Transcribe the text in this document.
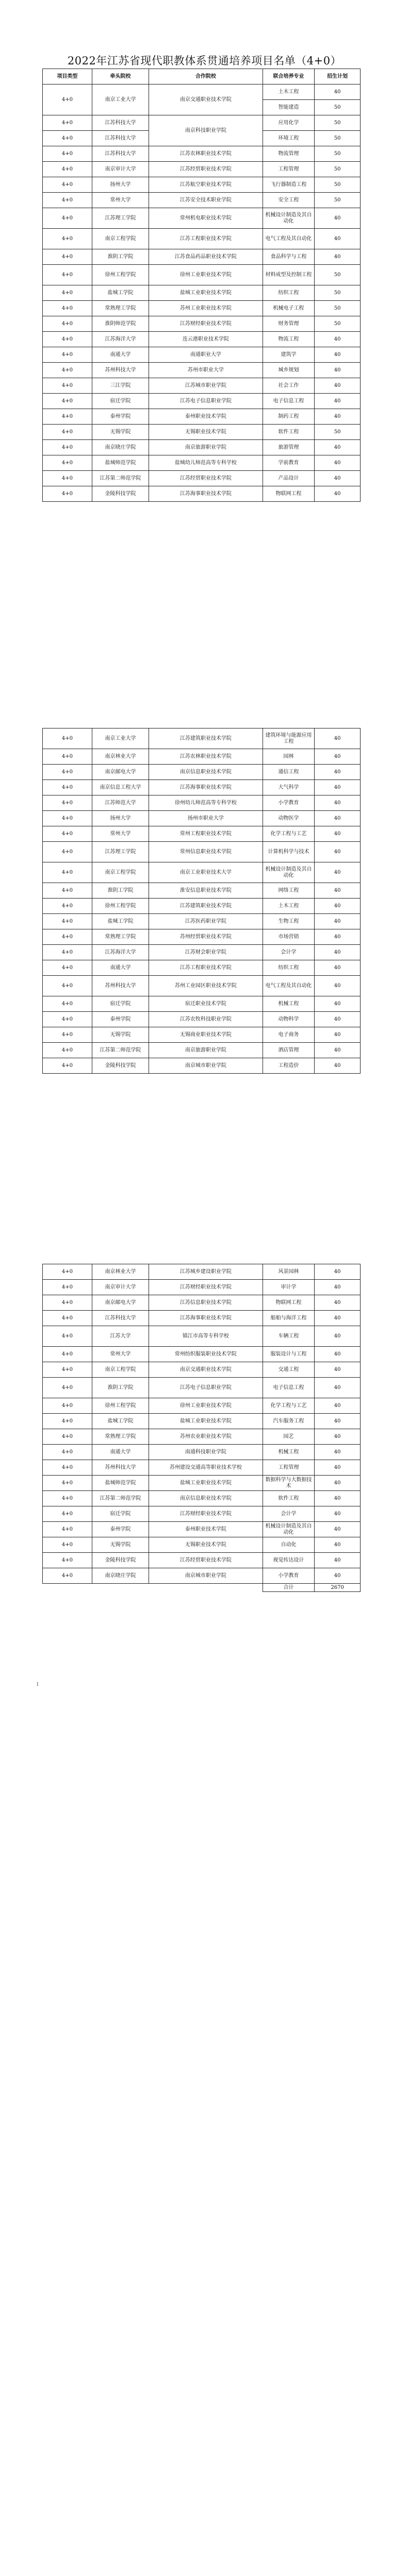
2022年江苏省现代职教体系贯通培养项目名单（4+0）
项目类型	牵头院校	合作院校	联合培养专业	招生计划
4+0	南京工业大学	南京交通职业技术学院	土木工程	40
			智能建造	50
4+0	江苏科技大学	南京科技职业学院	应用化学	50
4+0	江苏科技大学		环境工程	50
4+0	江苏科技大学	江苏农林职业技术学院	物流管理	50
4+0	南京审计大学	江苏经贸职业技术学院	工程管理	50
4+0	扬州大学	江苏航空职业技术学院	飞行器制造工程	50
4+0	常州大学	江苏安全技术职业学院	安全工程	50
4+0	江苏理工学院	常州机电职业技术学院	机械设计制造及其自动化	40
4+0	南京工程学院	江苏工程职业技术学院	电气工程及其自动化	40
4+0	淮阴工学院	江苏食品药品职业技术学院	食品科学与工程	40
4+0	徐州工程学院	徐州工业职业技术学院	材料成型及控制工程	50
4+0	盐城工学院	盐城工业职业技术学院	纺织工程	50
4+0	常熟理工学院	苏州工业职业技术学院	机械电子工程	50
4+0	淮阴师范学院	江苏财经职业技术学院	财务管理	50
4+0	江苏海洋大学	连云港职业技术学院	物流工程	40
4+0	南通大学	南通职业大学	建筑学	40
4+0	苏州科技大学	苏州市职业大学	城乡规划	40
4+0	三江学院	江苏城市职业学院	社会工作	40
4+0	宿迁学院	江苏电子信息职业学院	电子信息工程	40
4+0	泰州学院	泰州职业技术学院	制药工程	40
4+0	无锡学院	无锡职业技术学院	软件工程	50
4+0	南京晓庄学院	南京旅游职业学院	旅游管理	40
4+0	盐城师范学院	盐城幼儿师范高等专科学校	学前教育	40
4+0	江苏第二师范学院	江苏经贸职业技术学院	产品设计	40
4+0	金陵科技学院	江苏海事职业技术学院	物联网工程	40
4+0	南京工业大学	江苏建筑职业技术学院	建筑环境与能源应用工程	40
4+0	南京林业大学	江苏农林职业技术学院	园林	40
4+0	南京邮电大学	南京信息职业技术学院	通信工程	40
4+0	南京信息工程大学	江苏海事职业技术学院	大气科学	40
4+0	江苏师范大学	徐州幼儿师范高等专科学校	小学教育	40
4+0	扬州大学	扬州市职业大学	动物医学	40
4+0	常州大学	常州工程职业技术学院	化学工程与工艺	40
4+0	江苏理工学院	常州信息职业技术学院	计算机科学与技术	40
4+0	南京工程学院	南京工业职业技术大学	机械设计制造及其自动化	40
4+0	淮阴工学院	淮安信息职业技术学院	网络工程	40
4+0	徐州工程学院	江苏建筑职业技术学院	土木工程	40
4+0	盐城工学院	江苏医药职业学院	生物工程	40
4+0	常熟理工学院	苏州经贸职业技术学院	市场营销	40
4+0	江苏海洋大学	江苏财会职业学院	会计学	40
4+0	南通大学	江苏工程职业技术学院	纺织工程	40
4+0	苏州科技大学	苏州工业园区职业技术学院	电气工程及其自动化	40
4+0	宿迁学院	宿迁职业技术学院	机械工程	40
4+0	泰州学院	江苏农牧科技职业学院	动物科学	40
4+0	无锡学院	无锡商业职业技术学院	电子商务	40
4+0	江苏第二师范学院	南京旅游职业学院	酒店管理	40
4+0	金陵科技学院	南京城市职业学院	工程造价	40
4+0	南京林业大学	江苏城乡建设职业学院	风景园林	40
4+0	南京审计大学	江苏财经职业技术学院	审计学	40
4+0	南京邮电大学	江苏信息职业技术学院	物联网工程	40
4+0	江苏科技大学	江苏海事职业技术学院	船舶与海洋工程	40
4+0	江苏大学	镇江市高等专科学校	车辆工程	40
4+0	常州大学	常州纺织服装职业技术学院	服装设计与工程	40
4+0	南京工程学院	南京交通职业技术学院	交通工程	40
4+0	淮阴工学院	江苏电子信息职业学院	电子信息工程	40
4+0	徐州工程学院	徐州工业职业技术学院	化学工程与工艺	40
4+0	盐城工学院	盐城工业职业技术学院	汽车服务工程	40
4+0	常熟理工学院	苏州农业职业技术学院	园艺	40
4+0	南通大学	南通科技职业学院	机械工程	40
4+0	苏州科技大学	苏州建设交通高等职业技术学校	工程管理	40
4+0	盐城师范学院	盐城工业职业技术学院	数据科学与大数据技术	40
4+0	江苏第二师范学院	南京信息职业技术学院	软件工程	40
4+0	宿迁学院	江苏财经职业技术学院	会计学	40
4+0	泰州学院	泰州职业技术学院	机械设计制造及其自动化	40
4+0	无锡学院	无锡职业技术学院	自动化	40
4+0	金陵科技学院	江苏经贸职业技术学院	视觉传达设计	40
4+0	南京晓庄学院	南京城市职业学院	小学教育	40
			合计	2670
1
